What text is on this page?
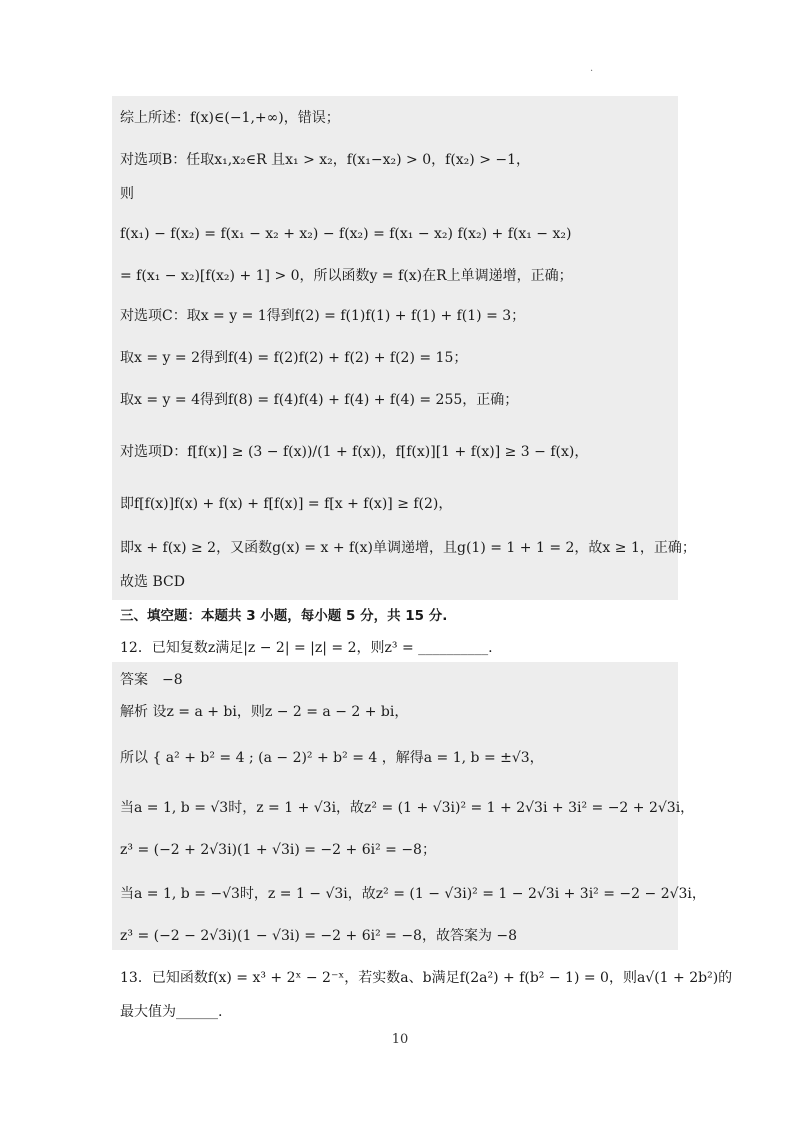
·
综上所述：f(x)∈(−1,+∞)，错误；
对选项B：任取x₁,x₂∈R 且x₁ > x₂，f(x₁−x₂) > 0，f(x₂) > −1，
则
f(x₁) − f(x₂) = f(x₁ − x₂ + x₂) − f(x₂) = f(x₁ − x₂) f(x₂) + f(x₁ − x₂)
= f(x₁ − x₂)[f(x₂) + 1] > 0，所以函数y = f(x)在R上单调递增，正确；
对选项C：取x = y = 1得到f(2) = f(1)f(1) + f(1) + f(1) = 3；
取x = y = 2得到f(4) = f(2)f(2) + f(2) + f(2) = 15；
取x = y = 4得到f(8) = f(4)f(4) + f(4) + f(4) = 255，正确；
对选项D：f[f(x)] ≥ (3 − f(x))/(1 + f(x))，f[f(x)][1 + f(x)] ≥ 3 − f(x)，
即f[f(x)]f(x) + f(x) + f[f(x)] = f[x + f(x)] ≥ f(2)，
即x + f(x) ≥ 2，又函数g(x) = x + f(x)单调递增，且g(1) = 1 + 1 = 2，故x ≥ 1，正确；
故选 BCD
三、填空题：本题共 3 小题，每小题 5 分，共 15 分.
12．已知复数z满足|z − 2| = |z| = 2，则z³ = __________.
答案　−8
解析 设z = a + bi，则z − 2 = a − 2 + bi，
所以 { a² + b² = 4 ; (a − 2)² + b² = 4 ，解得a = 1, b = ±√3，
当a = 1, b = √3时，z = 1 + √3i，故z² = (1 + √3i)² = 1 + 2√3i + 3i² = −2 + 2√3i，
z³ = (−2 + 2√3i)(1 + √3i) = −2 + 6i² = −8；
当a = 1, b = −√3时，z = 1 − √3i，故z² = (1 − √3i)² = 1 − 2√3i + 3i² = −2 − 2√3i，
z³ = (−2 − 2√3i)(1 − √3i) = −2 + 6i² = −8，故答案为 −8
13．已知函数f(x) = x³ + 2ˣ − 2⁻ˣ，若实数a、b满足f(2a²) + f(b² − 1) = 0，则a√(1 + 2b²)的
最大值为______.
10
